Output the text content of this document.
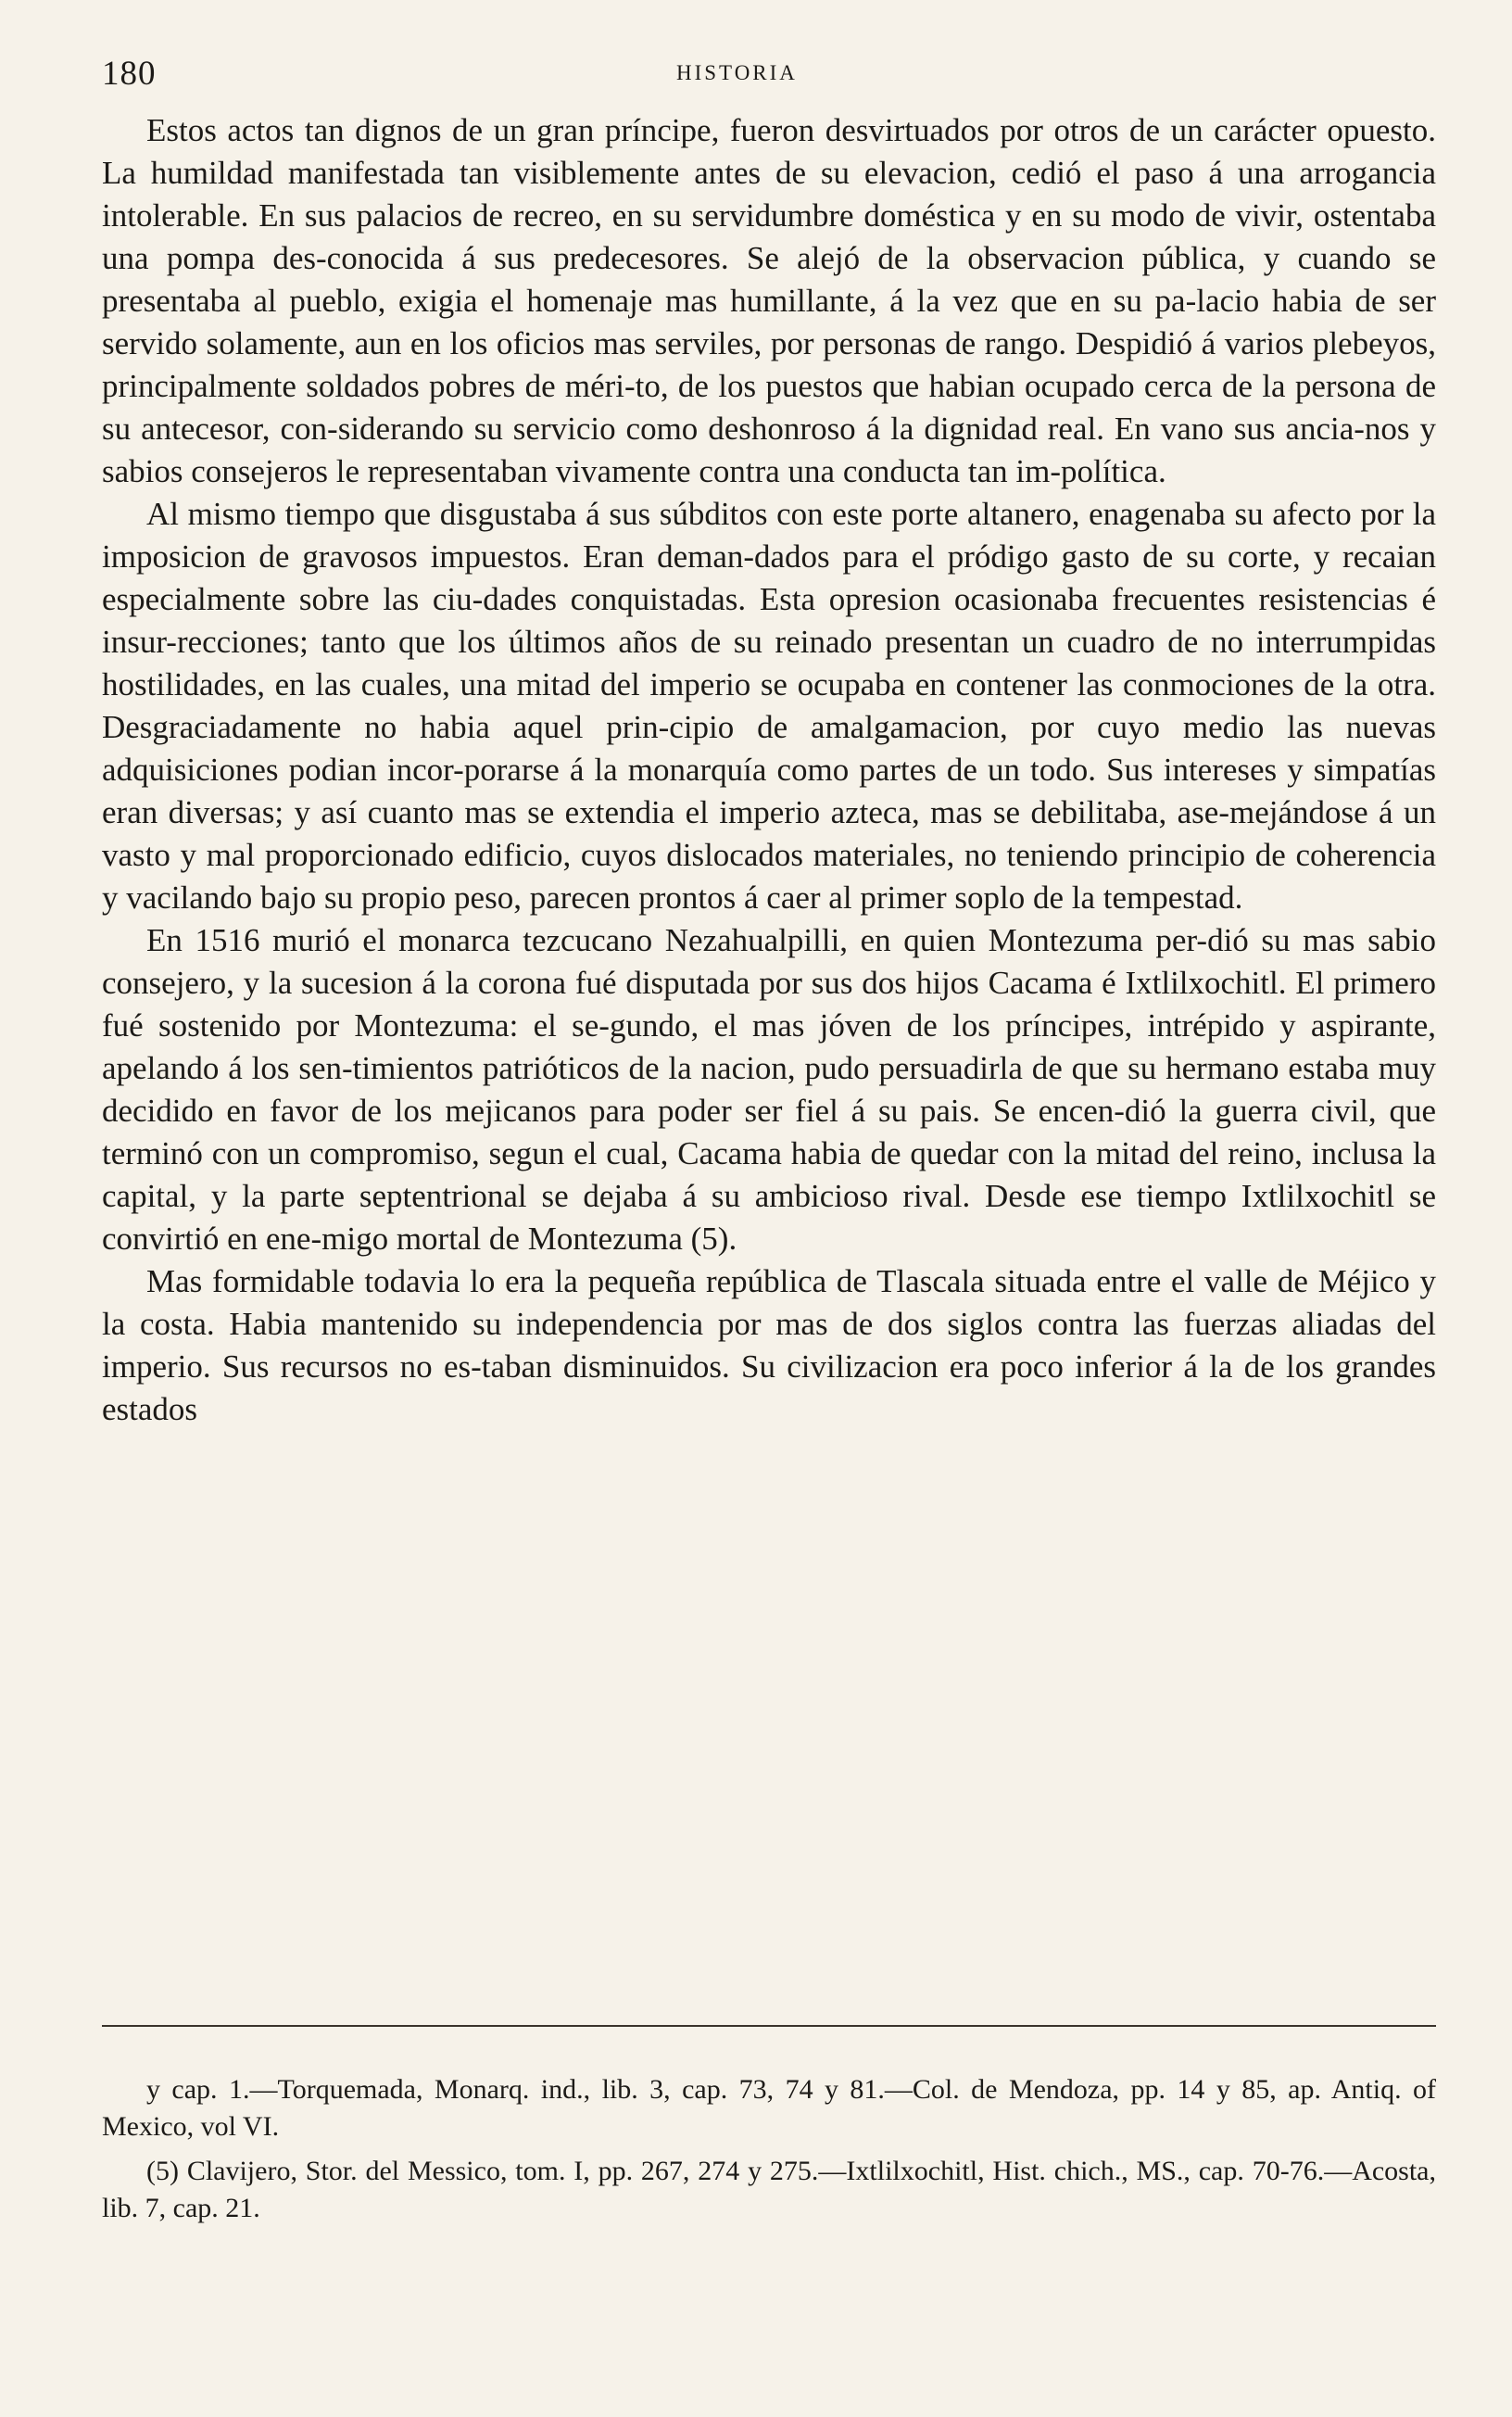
180	HISTORIA

Estos actos tan dignos de un gran príncipe, fueron desvirtuados por otros de un carácter opuesto. La humildad manifestada tan visiblemente antes de su elevacion, cedió el paso á una arrogancia intolerable. En sus palacios de recreo, en su servidumbre doméstica y en su modo de vivir, ostentaba una pompa des-conocida á sus predecesores. Se alejó de la observacion pública, y cuando se presentaba al pueblo, exigia el homenaje mas humillante, á la vez que en su pa-lacio habia de ser servido solamente, aun en los oficios mas serviles, por personas de rango. Despidió á varios plebeyos, principalmente soldados pobres de méri-to, de los puestos que habian ocupado cerca de la persona de su antecesor, con-siderando su servicio como deshonroso á la dignidad real. En vano sus ancia-nos y sabios consejeros le representaban vivamente contra una conducta tan im-política.

Al mismo tiempo que disgustaba á sus súbditos con este porte altanero, enagenaba su afecto por la imposicion de gravosos impuestos. Eran deman-dados para el pródigo gasto de su corte, y recaian especialmente sobre las ciu-dades conquistadas. Esta opresion ocasionaba frecuentes resistencias é insur-recciones; tanto que los últimos años de su reinado presentan un cuadro de no interrumpidas hostilidades, en las cuales, una mitad del imperio se ocupaba en contener las conmociones de la otra. Desgraciadamente no habia aquel prin-cipio de amalgamacion, por cuyo medio las nuevas adquisiciones podian incor-porarse á la monarquía como partes de un todo. Sus intereses y simpatías eran diversas; y así cuanto mas se extendia el imperio azteca, mas se debilitaba, ase-mejándose á un vasto y mal proporcionado edificio, cuyos dislocados materiales, no teniendo principio de coherencia y vacilando bajo su propio peso, parecen prontos á caer al primer soplo de la tempestad.

En 1516 murió el monarca tezcucano Nezahualpilli, en quien Montezuma per-dió su mas sabio consejero, y la sucesion á la corona fué disputada por sus dos hijos Cacama é Ixtlilxochitl. El primero fué sostenido por Montezuma: el se-gundo, el mas jóven de los príncipes, intrépido y aspirante, apelando á los sen-timientos patrióticos de la nacion, pudo persuadirla de que su hermano estaba muy decidido en favor de los mejicanos para poder ser fiel á su pais. Se encen-dió la guerra civil, que terminó con un compromiso, segun el cual, Cacama habia de quedar con la mitad del reino, inclusa la capital, y la parte septentrional se dejaba á su ambicioso rival. Desde ese tiempo Ixtlilxochitl se convirtió en ene-migo mortal de Montezuma (5).

Mas formidable todavia lo era la pequeña república de Tlascala situada entre el valle de Méjico y la costa. Habia mantenido su independencia por mas de dos siglos contra las fuerzas aliadas del imperio. Sus recursos no es-taban disminuidos. Su civilizacion era poco inferior á la de los grandes estados

y cap. 1.—Torquemada, Monarq. ind., lib. 3, cap. 73, 74 y 81.—Col. de Mendoza, pp. 14 y 85, ap. Antiq. of Mexico, vol VI.

(5) Clavijero, Stor. del Messico, tom. I, pp. 267, 274 y 275.—Ixtlilxochitl, Hist. chich., MS., cap. 70-76.—Acosta, lib. 7, cap. 21.
